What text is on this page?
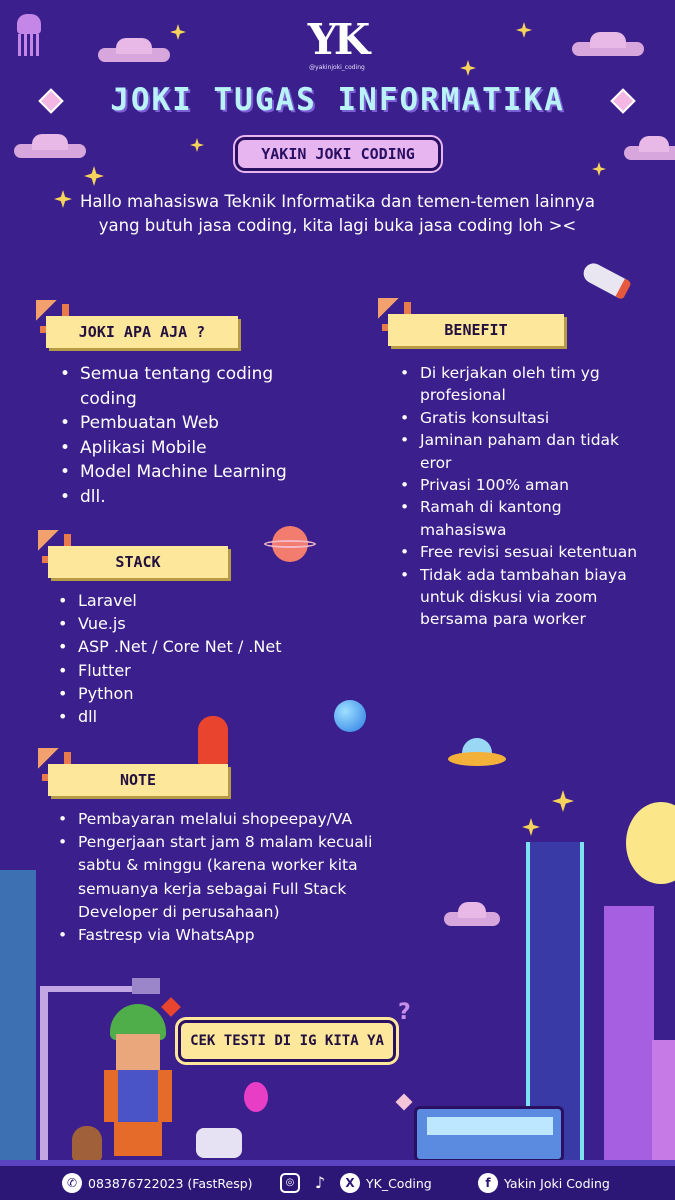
?
YK
@yakinjoki_coding
JOKI TUGAS INFORMATIKA
YAKIN JOKI CODING
Hallo mahasiswa Teknik Informatika dan temen-temen lainnya yang butuh jasa coding, kita lagi buka jasa coding loh ><
JOKI APA AJA ?
• Semua tentang coding coding
• Pembuatan Web
• Aplikasi Mobile
• Model Machine Learning
• dll.
BENEFIT
• Di kerjakan oleh tim yg profesional
• Gratis konsultasi
• Jaminan paham dan tidak eror
• Privasi 100% aman
• Ramah di kantong mahasiswa
• Free revisi sesuai ketentuan
• Tidak ada tambahan biaya untuk diskusi via zoom bersama para worker
STACK
• Laravel
• Vue.js
• ASP .Net / Core Net / .Net
• Flutter
• Python
• dll
NOTE
• Pembayaran melalui shopeepay/VA
• Pengerjaan start jam 8 malam kecuali sabtu & minggu (karena worker kita semuanya kerja sebagai Full Stack Developer di perusahaan)
• Fastresp via WhatsApp
CEK TESTI DI IG KITA YA
✆ 083876722023 (FastResp)	◎	♪	X YK_Coding	f	Yakin Joki Coding
